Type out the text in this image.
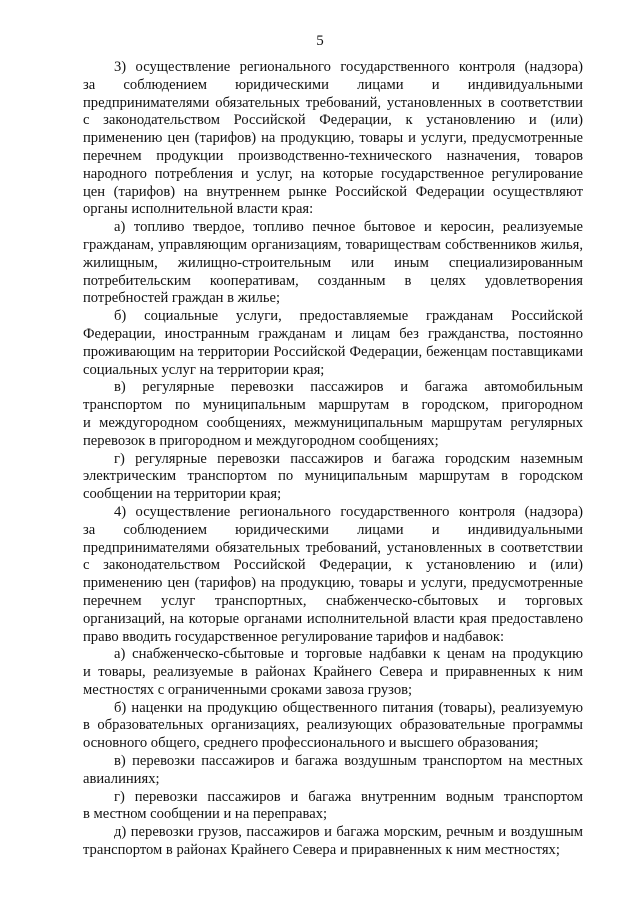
5
3) осуществление регионального государственного контроля (надзора)
за соблюдением юридическими лицами и индивидуальными
предпринимателями обязательных требований, установленных в соответствии
с законодательством Российской Федерации, к установлению и (или)
применению цен (тарифов) на продукцию, товары и услуги, предусмотренные
перечнем продукции производственно-технического назначения, товаров
народного потребления и услуг, на которые государственное регулирование
цен (тарифов) на внутреннем рынке Российской Федерации осуществляют
органы исполнительной власти края:
а) топливо твердое, топливо печное бытовое и керосин, реализуемые
гражданам, управляющим организациям, товариществам собственников жилья,
жилищным, жилищно-строительным или иным специализированным
потребительским кооперативам, созданным в целях удовлетворения
потребностей граждан в жилье;
б) социальные услуги, предоставляемые гражданам Российской
Федерации, иностранным гражданам и лицам без гражданства, постоянно
проживающим на территории Российской Федерации, беженцам поставщиками
социальных услуг на территории края;
в) регулярные перевозки пассажиров и багажа автомобильным
транспортом по муниципальным маршрутам в городском, пригородном
и междугородном сообщениях, межмуниципальным маршрутам регулярных
перевозок в пригородном и междугородном сообщениях;
г) регулярные перевозки пассажиров и багажа городским наземным
электрическим транспортом по муниципальным маршрутам в городском
сообщении на территории края;
4) осуществление регионального государственного контроля (надзора)
за соблюдением юридическими лицами и индивидуальными
предпринимателями обязательных требований, установленных в соответствии
с законодательством Российской Федерации, к установлению и (или)
применению цен (тарифов) на продукцию, товары и услуги, предусмотренные
перечнем услуг транспортных, снабженческо-сбытовых и торговых
организаций, на которые органами исполнительной власти края предоставлено
право вводить государственное регулирование тарифов и надбавок:
а) снабженческо-сбытовые и торговые надбавки к ценам на продукцию
и товары, реализуемые в районах Крайнего Севера и приравненных к ним
местностях с ограниченными сроками завоза грузов;
б) наценки на продукцию общественного питания (товары), реализуемую
в образовательных организациях, реализующих образовательные программы
основного общего, среднего профессионального и высшего образования;
в) перевозки пассажиров и багажа воздушным транспортом на местных
авиалиниях;
г) перевозки пассажиров и багажа внутренним водным транспортом
в местном сообщении и на переправах;
д) перевозки грузов, пассажиров и багажа морским, речным и воздушным
транспортом в районах Крайнего Севера и приравненных к ним местностях;
